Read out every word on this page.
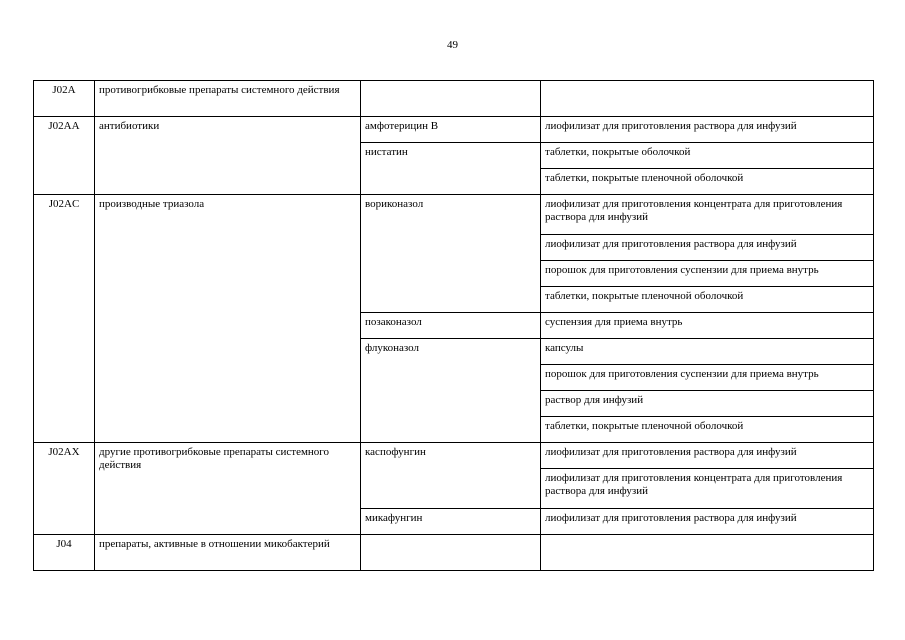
49
J02A	противогрибковые препараты системного действия		
J02AA	антибиотики	амфотерицин B	лиофилизат для приготовления раствора для инфузий
		нистатин	таблетки, покрытые оболочкой
			таблетки, покрытые пленочной оболочкой
J02AC	производные триазола	вориконазол	лиофилизат для приготовления концентрата для приготовления раствора для инфузий
			лиофилизат для приготовления раствора для инфузий
			порошок для приготовления суспензии для приема внутрь
			таблетки, покрытые пленочной оболочкой
		позаконазол	суспензия для приема внутрь
		флуконазол	капсулы
			порошок для приготовления суспензии для приема внутрь
			раствор для инфузий
			таблетки, покрытые пленочной оболочкой
J02AX	другие противогрибковые препараты системного действия	каспофунгин	лиофилизат для приготовления раствора для инфузий
			лиофилизат для приготовления концентрата для приготовления раствора для инфузий
		микафунгин	лиофилизат для приготовления раствора для инфузий
J04	препараты, активные в отношении микобактерий		
